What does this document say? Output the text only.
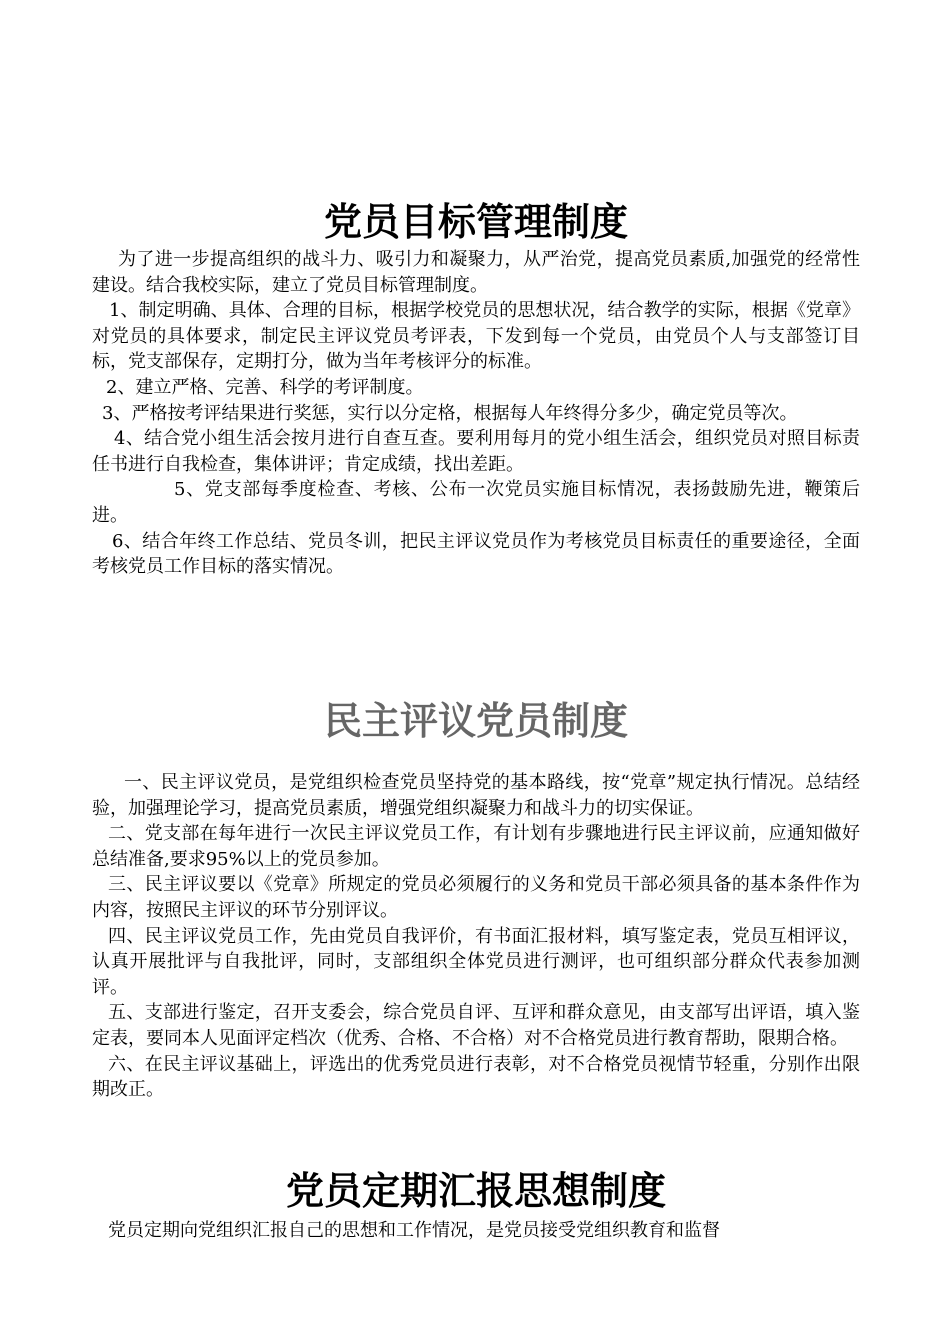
党员目标管理制度

为了进一步提高组织的战斗力、吸引力和凝聚力，从严治党，提高党员素质,加强党的经常性建设。结合我校实际，建立了党员目标管理制度。

1、制定明确、具体、合理的目标，根据学校党员的思想状况，结合教学的实际，根据《党章》对党员的具体要求，制定民主评议党员考评表，下发到每一个党员，由党员个人与支部签订目标，党支部保存，定期打分，做为当年考核评分的标准。

2、建立严格、完善、科学的考评制度。

3、严格按考评结果进行奖惩，实行以分定格，根据每人年终得分多少，确定党员等次。

4、结合党小组生活会按月进行自查互查。要利用每月的党小组生活会，组织党员对照目标责任书进行自我检查，集体讲评；肯定成绩，找出差距。

5、党支部每季度检查、考核、公布一次党员实施目标情况，表扬鼓励先进，鞭策后进。

6、结合年终工作总结、党员冬训，把民主评议党员作为考核党员目标责任的重要途径，全面考核党员工作目标的落实情况。

民主评议党员制度

一、民主评议党员，是党组织检查党员坚持党的基本路线，按“党章”规定执行情况。总结经验，加强理论学习，提高党员素质，增强党组织凝聚力和战斗力的切实保证。

二、党支部在每年进行一次民主评议党员工作，有计划有步骤地进行民主评议前，应通知做好总结准备,要求95%以上的党员参加。

三、民主评议要以《党章》所规定的党员必须履行的义务和党员干部必须具备的基本条件作为内容，按照民主评议的环节分别评议。

四、民主评议党员工作，先由党员自我评价，有书面汇报材料，填写鉴定表，党员互相评议，认真开展批评与自我批评，同时，支部组织全体党员进行测评，也可组织部分群众代表参加测评。

五、支部进行鉴定，召开支委会，综合党员自评、互评和群众意见，由支部写出评语，填入鉴定表，要同本人见面评定档次（优秀、合格、不合格）对不合格党员进行教育帮助，限期合格。

六、在民主评议基础上，评选出的优秀党员进行表彰，对不合格党员视情节轻重，分别作出限期改正。

党员定期汇报思想制度

党员定期向党组织汇报自己的思想和工作情况，是党员接受党组织教育和监督
